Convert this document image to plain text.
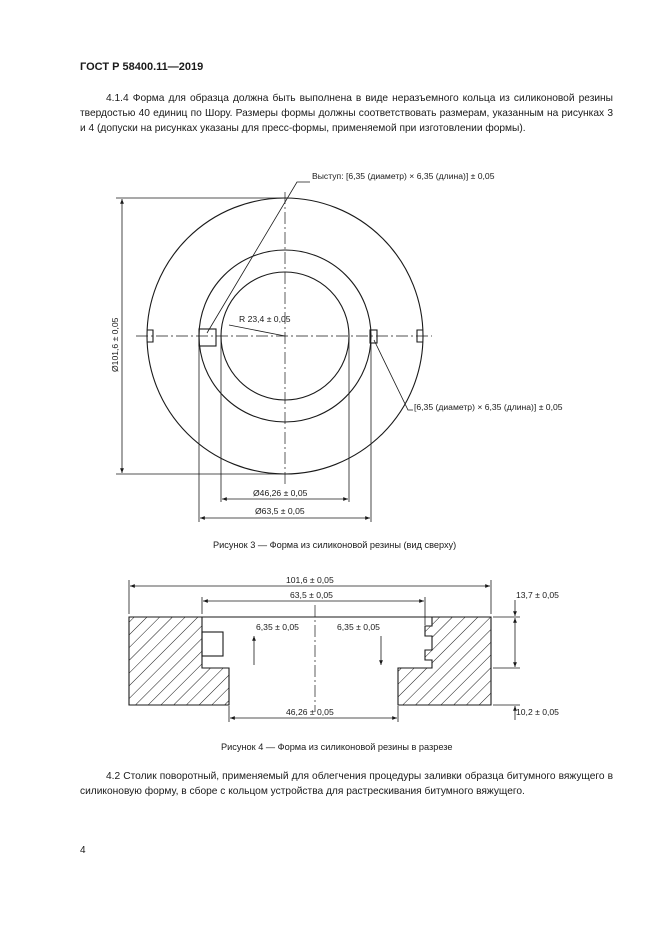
ГОСТ Р 58400.11—2019

4.1.4 Форма для образца должна быть выполнена в виде неразъемного кольца из силиконовой резины твердостью 40 единиц по Шору. Размеры формы должны соответствовать размерам, указанным на рисунках 3 и 4 (допуски на рисунках указаны для пресс-формы, применяемой при изготовлении формы).

R 23,4 ± 0,05
Выступ: [6,35 (диаметр) × 6,35 (длина)] ± 0,05
[6,35 (диаметр) × 6,35 (длина)] ± 0,05
Ø101,6 ± 0,05
Ø46,26 ± 0,05
Ø63,5 ± 0,05
101,6 ± 0,05
63,5 ± 0,05
6,35 ± 0,05	6,35 ± 0,05
13,7 ± 0,05
10,2 ± 0,05
46,26 ± 0,05
Рисунок 3 — Форма из силиконовой резины (вид сверху)
Рисунок 4 — Форма из силиконовой резины в разрезе

4.2 Столик поворотный, применяемый для облегчения процедуры заливки образца битумного вяжущего в силиконовую форму, в сборе с кольцом устройства для растрескивания битумного вяжущего.

4
